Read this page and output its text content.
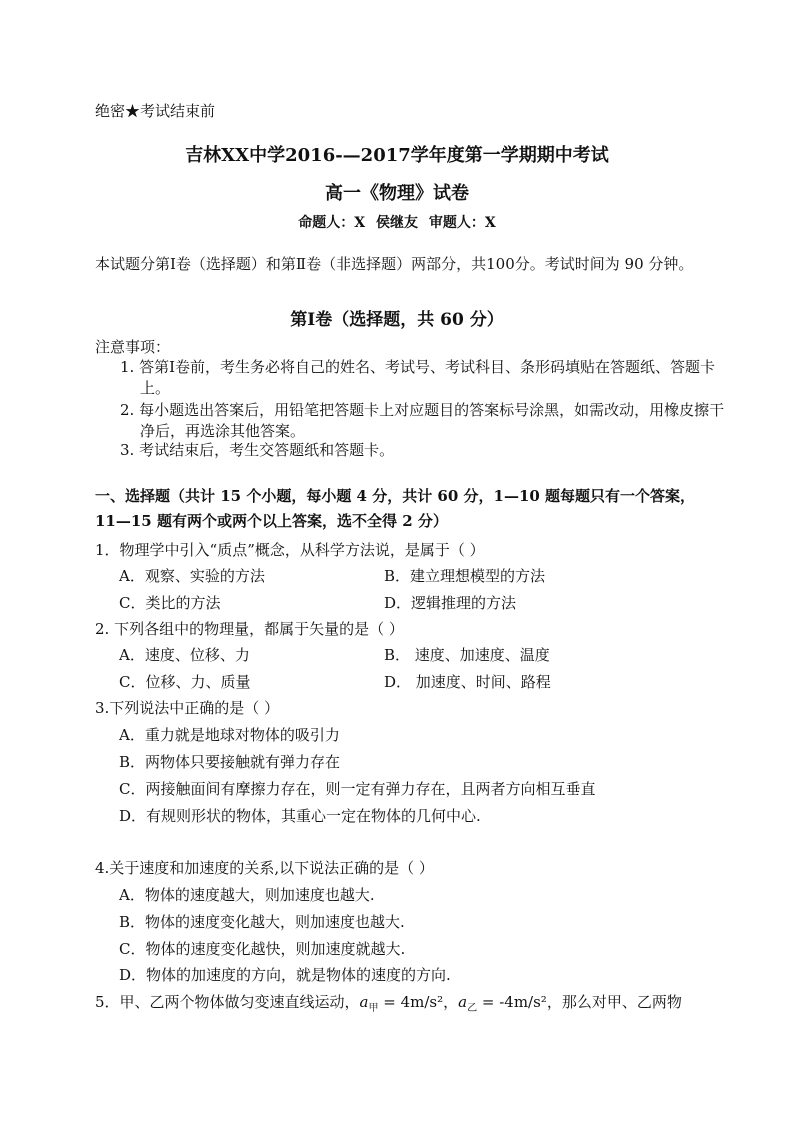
绝密★考试结束前
吉林XX中学2016-—2017学年度第一学期期中考试
高一《物理》试卷
命题人：X 侯继友 审题人：X
本试题分第Ⅰ卷（选择题）和第Ⅱ卷（非选择题）两部分，共100分。考试时间为 90 分钟。
第Ⅰ卷（选择题，共 60 分）
注意事项：
1. 答第Ⅰ卷前，考生务必将自己的姓名、考试号、考试科目、条形码填贴在答题纸、答题卡上。
2. 每小题选出答案后，用铅笔把答题卡上对应题目的答案标号涂黑，如需改动，用橡皮擦干净后，再选涂其他答案。
3. 考试结束后，考生交答题纸和答题卡。
一、选择题（共计 15 个小题，每小题 4 分，共计 60 分，1—10 题每题只有一个答案，11—15 题有两个或两个以上答案，选不全得 2 分）
1．物理学中引入“质点”概念，从科学方法说，是属于（ ）
A．观察、实验的方法	B．建立理想模型的方法
C．类比的方法	D．逻辑推理的方法
2. 下列各组中的物理量，都属于矢量的是（ ）
A．速度、位移、力	B． 速度、加速度、温度
C．位移、力、质量	D． 加速度、时间、路程
3.下列说法中正确的是（ ）
A．重力就是地球对物体的吸引力
B．两物体只要接触就有弹力存在
C．两接触面间有摩擦力存在，则一定有弹力存在，且两者方向相互垂直
D．有规则形状的物体，其重心一定在物体的几何中心.
4.关于速度和加速度的关系,以下说法正确的是（ ）
A．物体的速度越大，则加速度也越大.
B．物体的速度变化越大，则加速度也越大.
C．物体的速度变化越快，则加速度就越大.
D．物体的加速度的方向，就是物体的速度的方向.
5．甲、乙两个物体做匀变速直线运动，$a_甲 = 4m/s^2$，$a_乙 = -4m/s^2$，那么对甲、乙两物
